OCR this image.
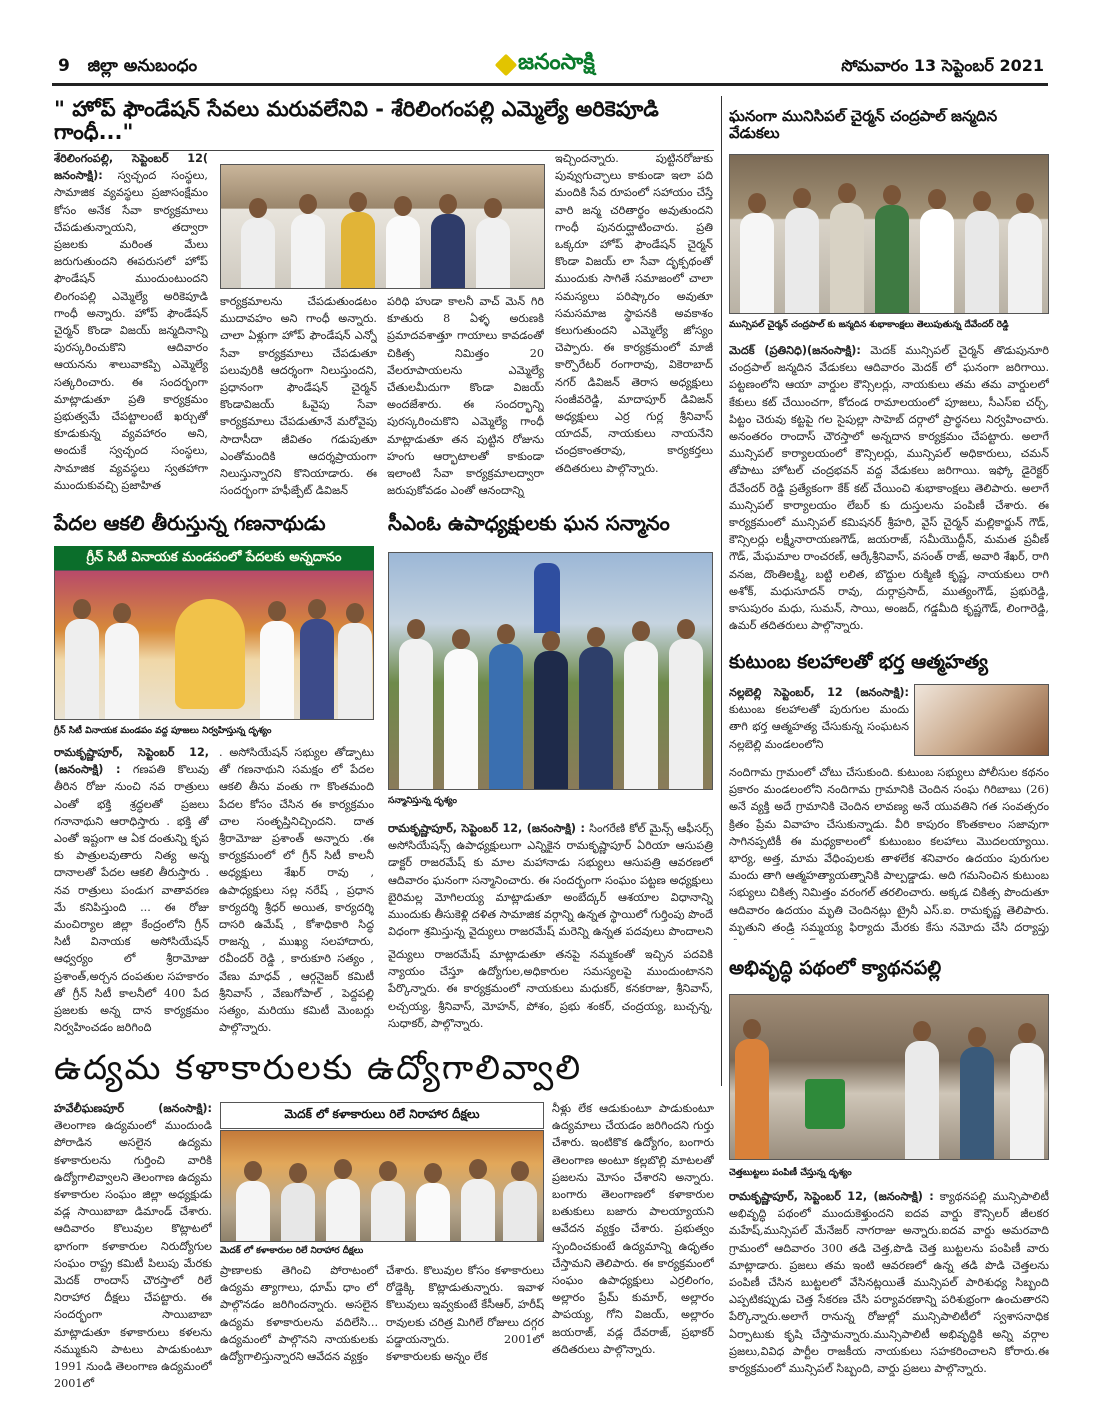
9 జిల్లా అనుబంధం	జనంసాక్షి	సోమవారం 13 సెప్టెంబర్ 2021
" హోప్ ఫౌండేషన్ సేవలు మరువలేనివి - శేరిలింగంపల్లి ఎమ్మెల్యే అరికెపూడి గాంధీ..."
శేరిలింగంపల్లి, సెప్టెంబర్ 12( జనంసాక్షి): స్వచ్ఛంద సంస్థలు, సామాజిక వ్యవస్థలు ప్రజాసంక్షేమం కోసం అనేక సేవా కార్యక్రమాలు చేపడుతున్నాయని, తద్వారా ప్రజలకు మరింత మేలు జరుగుతుందని ఈపరుసలో హోప్ ఫౌండేషన్ ముందుంటుందని లింగంపల్లి ఎమ్మెల్యే అరికెపూడి గాంధీ అన్నారు. హోప్ ఫౌండేషన్ చైర్మన్ కొండా విజయ్ జన్మదినాన్ని పురస్కరించుకొని ఆదివారం ఆయనను శాలువాకప్పి ఎమ్మెల్యే సత్కరించారు. ఈ సందర్భంగా మాట్లాడుతూ ప్రతి కార్యక్రమం ప్రభుత్వమే చేపట్టాలంటే ఖర్చుతో కూడుకున్న వ్యవహారం అని, అందుకే స్వచ్ఛంద సంస్థలు, సామాజిక వ్యవస్థలు స్వతహాగా ముందుకువచ్చి ప్రజాహిత
కార్యక్రమాలను చేపడుతుండటం ముదావహం అని గాంధీ అన్నారు. చాలా ఏళ్లుగా హోప్ ఫౌండేషన్ ఎన్నో సేవా కార్యక్రమాలు చేపడుతూ పలువురికి ఆదర్శంగా నిలుస్తుందని, ప్రధానంగా ఫౌండేషన్ చైర్మన్ కొండావిజయ్ ఓవైపు సేవా కార్యక్రమాలు చేపడుతూనే మరోవైపు సాదాసీదా జీవితం గడుపుతూ ఎంతోమందికి ఆదర్శప్రాయంగా నిలుస్తున్నారని కొనియాడారు. ఈ సందర్భంగా హఫీజ్పేట్ డివిజన్
పరిధి హుడా కాలనీ వాచ్ మెన్ గిరి కూతురు 8 ఏళ్ళ అరుణకి ప్రమాదవశాత్తూ గాయాలు కావడంతో చికిత్స నిమిత్తం 20 వేలరూపాయలను ఎమ్మెల్యే చేతులమీదుగా కొండా విజయ్ అందజేశారు. ఈ సందర్భాన్ని పురస్కరించుకొని ఎమ్మెల్యే గాంధీ మాట్లాడుతూ తన పుట్టిన రోజును హంగు ఆర్భాటాలతో కాకుండా ఇలాంటి సేవా కార్యక్రమాలద్వారా జరుపుకోవడం ఎంతో ఆనందాన్ని
ఇచ్చిందన్నారు. పుట్టినరోజుకు పువ్వుగుచ్ఛాలు కాకుండా ఇలా పది మందికి సేవ రూపంలో సహాయం చేస్తే వారి జన్మ చరితార్థం అవుతుందని గాంధీ పునరుద్ఘాటించారు. ప్రతి ఒక్కరూ హోప్ ఫౌండేషన్ చైర్మన్ కొండా విజయ్ లా సేవా దృక్పథంతో ముందుకు సాగితే సమాజంలో చాలా సమస్యలు పరిష్కారం అవుతూ సమసమాజ స్థాపనకి అవకాశం కలుగుతుందని ఎమ్మెల్యే జోస్యం చెప్పారు. ఈ కార్యక్రమంలో మాజీ కార్పొరేటర్ రంగారావు, వికెరాబాద్ నగర్ డివిజన్ తెరాస అధ్యక్షులు సంజీవరెడ్డి, మాదాపూర్ డివిజన్ అధ్యక్షులు ఎర్ర గుర్ల శ్రీనివాస్ యాదవ్, నాయకులు నాయనేని చంద్రకాంతరావు, కార్యకర్తలు తదితరులు పాల్గొన్నారు.
ఘనంగా మునిసిపల్ చైర్మన్ చంద్రపాల్ జన్మదిన వేడుకలు
మున్సిపల్ చైర్మన్ చంద్రపాల్ కు జన్మదిన శుభాకాంక్షలు తెలుపుతున్న దేవేందర్ రెడ్డి
మెదక్ (ప్రతినిధి)(జనంసాక్షి): మెదక్ మున్సిపల్ చైర్మన్ తొడుపునూరి చంద్రపాల్ జన్మదిన వేడుకలు ఆదివారం మెదక్ లో ఘనంగా జరిగాయి. పట్టణంలోని ఆయా వార్డుల కౌన్సిలర్లు, నాయకులు తమ తమ వార్డులలో కేకులు కట్ చేయించగా, కోదండ రామాలయంలో పూజలు, సీఎస్ఐ చర్చ్, పిట్టం చెరువు కట్టపై గల సైపుల్లా సాహెబ్ దర్గాలో ప్రార్థనలు నిర్వహించారు. అనంతరం రాందాస్ చౌరస్తాలో అన్నదాన కార్యక్రమం చేపట్టారు. అలాగే మున్సిపల్ కార్యాలయంలో కౌన్సిలర్లు, మున్సిపల్ అధికారులు, చమన్ తోపాటు హోటల్ చంద్రభవన్ వద్ద వేడుకలు జరిగాయి. ఇఫ్కో డైరెక్టర్ దేవేందర్ రెడ్డి ప్రత్యేకంగా కేక్ కట్ చేయించి శుభాకాంక్షలు తెలిపారు. అలాగే మున్సిపల్ కార్యాలయం లేబర్ కు దుస్తులను పంపిణీ చేశారు. ఈ కార్యక్రమంలో మున్సిపల్ కమిషనర్ శ్రీహరి, వైస్ చైర్మన్ మల్లికార్జున్ గౌడ్, కౌన్సిలర్లు లక్ష్మీనారాయణగౌడ్, జయరాజ్, సమీయొద్దీన్, మమత ప్రవీణ్ గౌడ్, మేఘమాల రాంచరణ్, ఆర్కేశ్రీనివాస్, వసంత్ రాజ్, అవారి శేఖర్, రాగి వనజ, దొంతిలక్ష్మి, బట్టి లలిత, బొద్దుల రుక్మిణి కృష్ణ, నాయకులు రాగి అశోక్, మధుసూదన్ రావు, దుర్గాప్రసాద్, ముత్యంగౌడ్, ప్రభురెడ్డి, కాసుపురం మధు, సుమన్, సాయి, అంజద్, గడ్డమీది కృష్ణగౌడ్, లింగారెడ్డి, ఉమర్ తదితరులు పాల్గొన్నారు.
పేదల ఆకలి తీరుస్తున్న గణనాథుడు
గ్రీన్ సిటీ వినాయక మండపంలో పేదలకు అన్నదానం
గ్రీన్ సిటీ వినాయక మండపం వద్ద పూజలు నిర్వహిస్తున్న దృశ్యం
రామకృష్ణాపూర్, సెప్టెంబర్ 12, (జనంసాక్షి) : గణపతి కొలువు తీరిన రోజు నుంచి నవ రాత్రులు ఎంతో భక్తి శ్రద్ధలతో ప్రజలు గనానాథుని ఆరాధిస్తారు . భక్తి తో ఎంతో ఇష్టంగా ఆ ఏక దంతున్ని కృప కు పాత్రులవుతారు నిత్య అన్న దానాలతో పేదల ఆకలి తీరుస్తారు . నవ రాత్రులు పండుగ వాతావరణ మే కనిపిస్తుంది ... ఈ రోజు మంచిర్యాల జిల్లా కేంద్రంలోని గ్రీన్ సిటీ వినాయక అసోసియేషన్ ఆధ్వర్యం లో శ్రీరామోజు ప్రశాంత్,అర్చన దంపతుల సహకారం తో గ్రీన్ సిటీ కాలనీలో 400 పేద ప్రజలకు అన్న దాన కార్యక్రమం నిర్వహించడం జరిగింది
. అసోసియేషన్ సభ్యుల తోడ్పాటు తో గణనాథుని సమక్షం లో పేదల ఆకలి తీను వంతు గా కొంతమంది పేదల కోసం చేసిన ఈ కార్యక్రమం చాల సంతృప్తినిచ్చిందని. దాత శ్రీరామోజు ప్రశాంత్ అన్నారు .ఈ కార్యక్రమంలో లో గ్రీన్ సిటీ కాలనీ అధ్యక్షులు శేఖర్ రావు , ఉపాధ్యక్షులు సల్ల నరేష్ , ప్రధాన కార్యదర్శి శ్రీధర్ అయిత, కార్యదర్శి దాసరి ఉమేష్ , కోశాధికారి సిద్ధ రాజన్న , ముఖ్య సలహాదారు, రవీందర్ రెడ్డి , కారుకూరి సత్యం , వేణు మాధవ్ , ఆర్గనైజర్ కమిటీ శ్రీనివాస్ , వేణుగోపాల్ , పెద్దపల్లి సత్యం, మరియు కమిటీ మెంబర్లు పాల్గొన్నారు.
సీఎంఓ ఉపాధ్యక్షులకు ఘన సన్మానం
సన్మానిస్తున్న దృశ్యం
రామకృష్ణాపూర్, సెప్టెంబర్ 12, (జనంసాక్షి) : సింగరేణి కోల్ మైన్స్ ఆఫీసర్స్ అసోసియేషన్స్ ఉపాధ్యక్షులుగా ఎన్నికైన రామకృష్ణాపూర్ ఏరియా ఆసుపత్రి డాక్టర్ రాజరమేష్ కు మాల మహానాడు సభ్యులు ఆసుపత్రి ఆవరణలో ఆదివారం ఘనంగా సన్మానించారు. ఈ సందర్భంగా సంఘం పట్టణ అధ్యక్షులు బైరిమల్ల మోగిలయ్య మాట్లాడుతూ అంబేద్కర్ ఆశయాల విధానాన్ని ముందుకు తీసుకెళ్లి దళిత సామాజిక వర్గాన్ని ఉన్నత స్థాయిలో గుర్తింపు పొందే విధంగా శ్రమిస్తున్న వైద్యులు రాజరమేష్ మరెన్ని ఉన్నత పదవులు పొందాలని
వైద్యులు రాజరమేష్ మాట్లాడుతూ తనపై నమ్మకంతో ఇచ్చిన పదవికి న్యాయం చేస్తూ ఉద్యోగుల,అధికారుల సమస్యలపై ముందుంటానని పేర్కొన్నారు. ఈ కార్యక్రమంలో నాయకులు మధుకర్, కనకరాజు, శ్రీనివాస్, లచ్చయ్య, శ్రీనివాస్, మోహన్, పోశం, ప్రభు శంకర్, చంద్రయ్య, బుచ్చన్న, సుధాకర్, పాల్గొన్నారు.
కుటుంబ కలహాలతో భర్త ఆత్మహత్య
నల్లబెల్లి సెప్టెంబర్, 12 (జనంసాక్షి): కుటుంబ కలహాలతో పురుగుల మందు తాగి భర్త ఆత్మహత్య చేసుకున్న సంఘటన నల్లబెల్లి మండలంలోని
నందిగామ గ్రామంలో చోటు చేసుకుంది. కుటుంబ సభ్యులు పోలీసుల కథనం ప్రకారం మండలంలోని నందిగామ గ్రామానికి చెందిన సంఘ గిరిబాబు (26) అనే వ్యక్తి అదే గ్రామానికి చెందిన లావణ్య అనే యువతిని గత సంవత్సరం క్రితం ప్రేమ వివాహం చేసుకున్నాడు. వీరి కాపురం కొంతకాలం సజావుగా సాగినప్పటికీ ఈ మధ్యకాలంలో కుటుంబం కలహాలు మొదలయ్యాయి. భార్య, అత్త, మామ వేధింపులకు తాళలేక శనివారం ఉదయం పురుగుల మందు తాగి ఆత్మహత్యాయత్నానికి పాల్పడ్డాడు. అది గమనించిన కుటుంబ సభ్యులు చికిత్స నిమిత్తం వరంగల్ తరలించారు. అక్కడ చికిత్స పొందుతూ ఆదివారం ఉదయం మృతి చెందినట్లు ట్రైనీ ఎస్.ఐ. రామకృష్ణ తెలిపారు. మృతుని తండ్రి సమ్మయ్య ఫిర్యాదు మేరకు కేసు నమోదు చేసి దర్యాప్తు
అభివృద్ధి పథంలో క్యాథనపల్లి
చెత్తబుట్టలు పంపిణీ చేస్తున్న దృశ్యం
రామకృష్ణాపూర్, సెప్టెంబర్ 12, (జనంసాక్షి) : క్యాథనపల్లి మున్సిపాలిటీ అభివృద్ధి పథంలో ముందుకెళ్తుందని ఐదవ వార్డు కౌన్సిలర్ జీలకర మహేష్,మున్సిపల్ మేనేజర్ నాగరాజు అన్నారు.ఐదవ వార్డు అమరవాది గ్రామంలో ఆదివారం 300 తడి చెత్త,పొడి చెత్త బుట్టలను పంపిణీ వారు మాట్లాడారు. ప్రజలు తమ ఇంటి ఆవరణలో ఉన్న తడి పొడి చెత్తలను పంపిణీ చేసిన బుట్టలలో వేసినట్లయితే మున్సిపల్ పారిశుధ్య సిబ్బంది ఎప్పటికప్పుడు చెత్త సేకరణ చేసి పర్యావరణాన్ని పరిశుభ్రంగా ఉంచుతారని పేర్కొన్నారు.అలాగే రానున్న రోజుల్లో మున్సిపాలిటీలో స్వశాసనాధిక ఏర్పాటుకు కృషి చేస్తామన్నారు.మున్సిపాలిటీ అభివృద్ధికి అన్ని వర్గాల ప్రజలు,వివిధ పార్టీల రాజకీయ నాయకులు సహకరించాలని కోరారు.ఈ కార్యక్రమంలో మున్సిపల్ సిబ్బంది, వార్డు ప్రజలు పాల్గొన్నారు.
ఉద్యమ కళాకారులకు ఉద్యోగాలివ్వాలి
హవేలీఘణపూర్ (జనంసాక్షి): తెలంగాణ ఉద్యమంలో ముందుండి పోరాడిన అసలైన ఉద్యమ కళాకారులను గుర్తించి వారికి ఉద్యోగాలివ్వాలని తెలంగాణ ఉద్యమ కళాకారుల సంఘం జిల్లా అధ్యక్షుడు వడ్ల సాయిబాబా డిమాండ్ చేశారు. ఆదివారం కొలువుల కొట్లాటలో భాగంగా కళాకారుల నిరుద్యోగుల సంఘం రాష్ట్ర కమిటీ పిలుపు మేరకు మెదక్ రాందాస్ చౌరస్తాలో రిలే నిరాహార దీక్షలు చేపట్టారు. ఈ సందర్భంగా సాయిబాబా మాట్లాడుతూ కళాకారులు కళలను నమ్ముకుని పాటలు పాడుకుంటూ 1991 నుండి తెలంగాణ ఉద్యమంలో 2001లో
మెదక్ లో కళాకారులు రిలే నిరాహార దీక్షలు
మెదక్ లో కళాకారుల రిలే నిరాహార దీక్షలు
ప్రాణాలకు తెగించి పోరాటంలో ఉద్యమ త్యాగాలు, ధూమ్ ధాం లో పాల్గొనడం జరిగిందన్నారు. అసలైన ఉద్యమ కళాకారులను వదిలేసి... ఉద్యమంలో పాల్గొనని నాయకులకు ఉద్యోగాలిస్తున్నారని ఆవేదన వ్యక్తం
చేశారు. కొలువుల కోసం కళాకారులు రోడ్డెక్కి కొట్లాడుతున్నారు. ఇవాళ కొలువులు ఇవ్వకుంటే కేసీఆర్, హరీష్ రావులకు చరిత్ర మిగిలే రోజులు దగ్గర పడ్డాయన్నారు. 2001లో కళాకారులకు అన్నం లేక
నీళ్లు లేక ఆడుకుంటూ పాడుకుంటూ ఉద్యమాలు చేయడం జరిగిందని గుర్తు చేశారు. ఇంటికొక ఉద్యోగం, బంగారు తెలంగాణ అంటూ కల్లబొల్లి మాటలతో ప్రజలను మోసం చేశారని అన్నారు. బంగారు తెలంగాణలో కళాకారుల బతుకులు బజారు పాలయ్యాయని ఆవేదన వ్యక్తం చేశారు. ప్రభుత్వం స్పందించకుంటే ఉద్యమాన్ని ఉధృతం చేస్తామని తెలిపారు. ఈ కార్యక్రమంలో సంఘం ఉపాధ్యక్షులు ఎర్రలింగం, అల్లారం ప్రేమ్ కుమార్, అల్లారం పాపయ్య, గోని విజయ్, అల్లారం జయరాజ్, వడ్ల దేవరాజ్, ప్రభాకర్ తదితరులు పాల్గొన్నారు.
